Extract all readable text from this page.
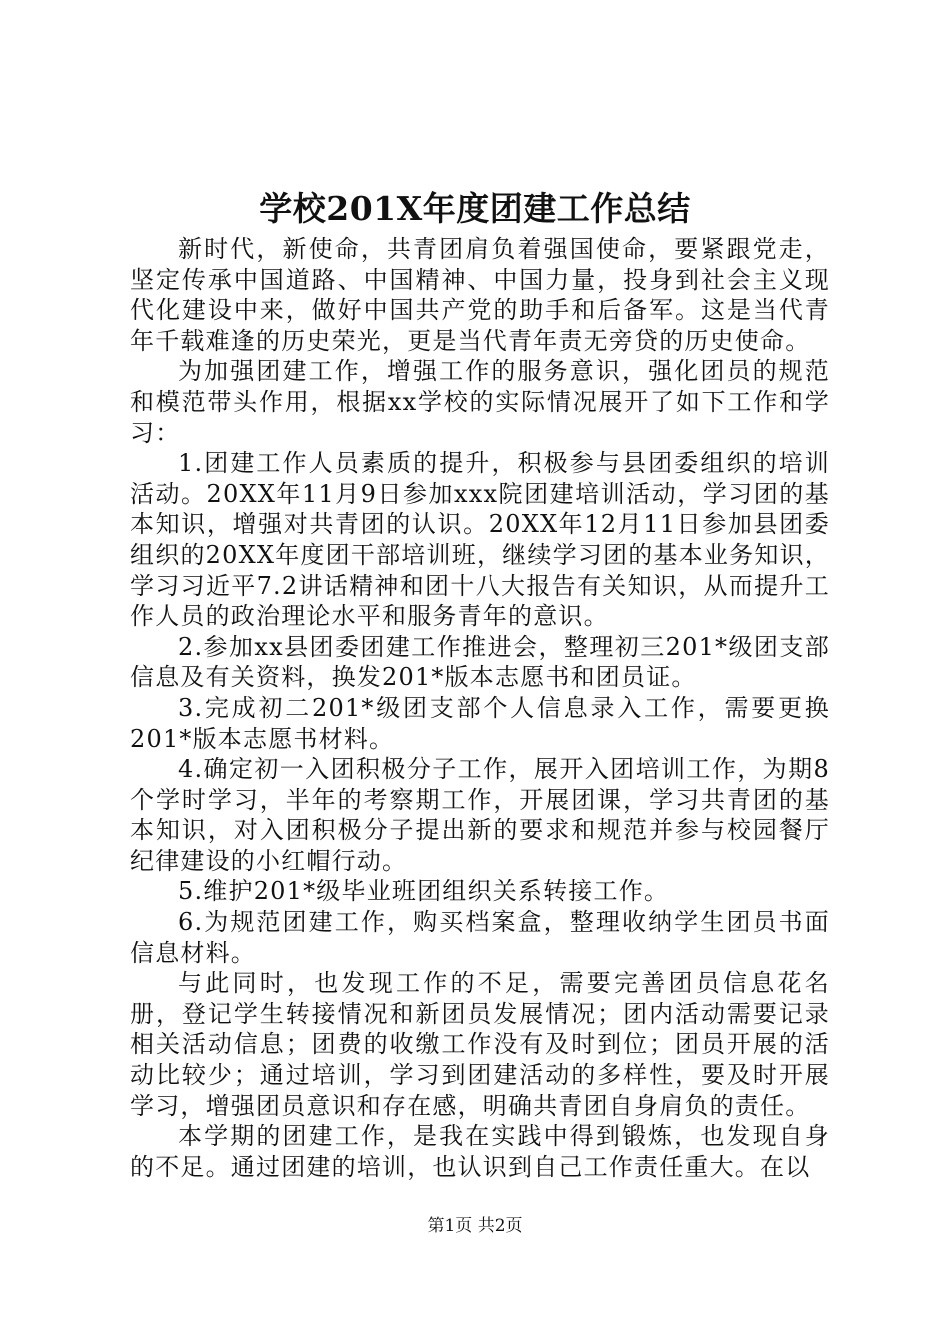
学校201X年度团建工作总结

新时代，新使命，共青团肩负着强国使命，要紧跟党走，坚定传承中国道路、中国精神、中国力量，投身到社会主义现代化建设中来，做好中国共产党的助手和后备军。这是当代青年千载难逢的历史荣光，更是当代青年责无旁贷的历史使命。

为加强团建工作，增强工作的服务意识，强化团员的规范和模范带头作用，根据xx学校的实际情况展开了如下工作和学习：

1.团建工作人员素质的提升，积极参与县团委组织的培训活动。20XX年11月9日参加xxx院团建培训活动，学习团的基本知识，增强对共青团的认识。20XX年12月11日参加县团委组织的20XX年度团干部培训班，继续学习团的基本业务知识，学习习近平7.2讲话精神和团十八大报告有关知识，从而提升工作人员的政治理论水平和服务青年的意识。

2.参加xx县团委团建工作推进会，整理初三201*级团支部信息及有关资料，换发201*版本志愿书和团员证。

3.完成初二201*级团支部个人信息录入工作，需要更换201*版本志愿书材料。

4.确定初一入团积极分子工作，展开入团培训工作，为期8个学时学习，半年的考察期工作，开展团课，学习共青团的基本知识，对入团积极分子提出新的要求和规范并参与校园餐厅纪律建设的小红帽行动。

5.维护201*级毕业班团组织关系转接工作。

6.为规范团建工作，购买档案盒，整理收纳学生团员书面信息材料。

与此同时，也发现工作的不足，需要完善团员信息花名册，登记学生转接情况和新团员发展情况；团内活动需要记录相关活动信息；团费的收缴工作没有及时到位；团员开展的活动比较少；通过培训，学习到团建活动的多样性，要及时开展学习，增强团员意识和存在感，明确共青团自身肩负的责任。

本学期的团建工作，是我在实践中得到锻炼，也发现自身的不足。通过团建的培训，也认识到自己工作责任重大。在以

第1页 共2页
